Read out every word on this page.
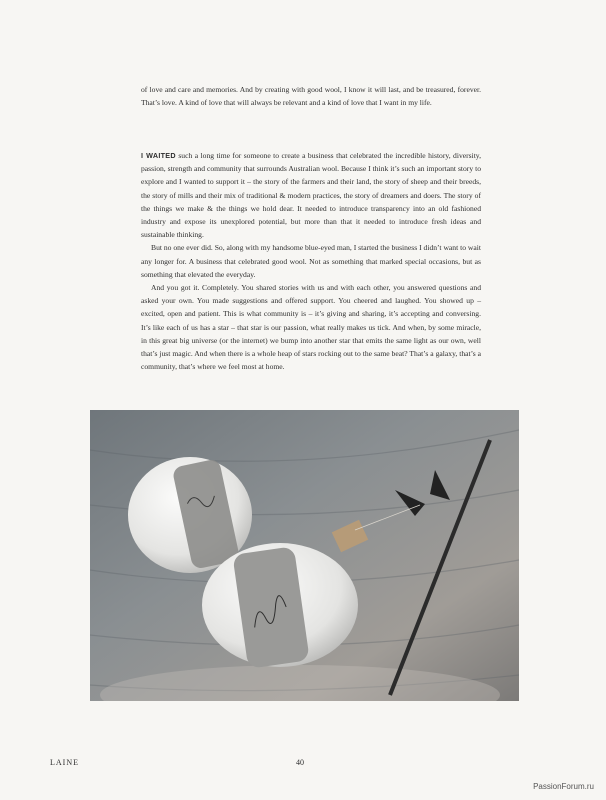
of love and care and memories. And by creating with good wool, I know it will last, and be treasured, forever. That’s love. A kind of love that will always be relevant and a kind of love that I want in my life.
I WAITED such a long time for someone to create a business that celebrated the incredible history, diversity, passion, strength and community that surrounds Australian wool. Because I think it’s such an important story to explore and I wanted to support it – the story of the farmers and their land, the story of sheep and their breeds, the story of mills and their mix of traditional & modern practices, the story of dreamers and doers. The story of the things we make & the things we hold dear. It needed to introduce transparency into an old fashioned industry and expose its unexplored potential, but more than that it needed to introduce fresh ideas and sustainable thinking.
But no one ever did. So, along with my handsome blue-eyed man, I started the business I didn’t want to wait any longer for. A business that celebrated good wool. Not as something that marked special occasions, but as something that elevated the everyday.
And you got it. Completely. You shared stories with us and with each other, you answered questions and asked your own. You made suggestions and offered support. You cheered and laughed. You showed up – excited, open and patient. This is what community is – it’s giving and sharing, it’s accepting and conversing. It’s like each of us has a star – that star is our passion, what really makes us tick. And when, by some miracle, in this great big universe (or the internet) we bump into another star that emits the same light as our own, well that’s just magic. And when there is a whole heap of stars rocking out to the same beat? That’s a galaxy, that’s a community, that’s where we feel most at home.
LAINE	40
PassionForum.ru
